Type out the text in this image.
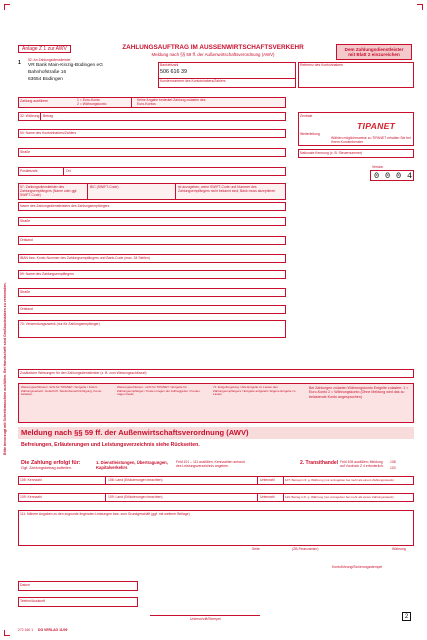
Bitte bevorzugt mit Schreibmaschine ausfüllen. Bei Handschrift sind Großbuchstaben zu verwenden.
Anlage Z 1 zur AWV	ZAHLUNGSAUFTRAG IM AUSSENWIRTSCHAFTSVERKEHR
Meldung nach §§ 59 ff. der Außenwirtschaftsverordnung (AWV)
Dem Zahlungsdienstleister
mit Blatt 2 einzureichen
1 52: An Zahlungsdienstleister
VR Bank Main-Kinzig-Büdingen eG
Bahnhofstraße 16
63654 Büdingen
Bankleitzahl
506 616 39
Kundennummer des Kontoinhabers/Zahlers
Referenz des Kontoinhabers
Zahlung ausführen	1 = Euro-Konto
2 = Währungskonto
Keine Angabe bedeutet Zahlung zulasten des Euro-Kontos
32: Währung Betrag
50: Name des Kontoinhabers/Zahlers
Straße
Postleitzahl	Ort
57: Zahlungsdienstleister des Zahlungsempfängers (Name oder ggf. SWIFT-Code)
BIC (SWIFT-Code)	ist anzugeben, wenn SWIFT-Code und Nummer des Zahlungsempfängers nicht bekannt sind; Bank muss akzeptieren
Name des Zahlungsdienstleisters des Zahlungsempfängers
Straße
Ortsland
IBAN bzw. Konto-Nummer des Zahlungsempfängers und Bank-Code (max. 34 Stellen)
59: Name des Zahlungsempfängers
Straße
Ortsland
70: Verwendungszweck (nur für Zahlungsempfänger)
Zusätzliche Weisungen für den Zahlungsdienstleister (z. B. zum Weisungsschlüssel)
Zentrale
Weiterleitung
TIPANET
Wählen möglicherweise zu TIPANET erhalten Sie bei Ihrem Kundenberater
Nationale Kennung (z. B. Steuernummer)
Version
0 0 0 4
Weisungsschlüssel / nicht für TIPANET / Entgelte / Sofort-Zahlungsverkehr, Gutschrift, Telefonbenachrichtigung, Konto belasten
Weisungsschlüssel - nicht für TIPANET / Entgelte für Zahlungsempfänger / Kosten tragen der Auftraggeber / Kosten tragen beide
71: Entgeltregelung / Alle Entgelte zu Lasten des Zahlungsempfängers / Entgelte aufgeteilt / Eigene Entgelte zu Lasten
Bei Zahlungen zulasten Währungskonto Entgelte zulasten: 1 = Euro-Konto 2 = Währungskonto (Ohne Meldung wird das zu belastende Konto angesprochen)
Meldung nach §§ 59 ff. der Außenwirtschaftsverordnung (AWV)
Befreiungen, Erläuterungen und Leistungsverzeichnis siehe Rückseiten.
Die Zahlung erfolgt für:
Ggf. Zahlungsbetrag aufteilen.
1. Dienstleistungen, Übertragungen, Kapitalverkehrs
Feld 101 – 111 ausfüllen. Kennzahlen anhand des Leistungsverzeichnis angeben.	2. Transithandel Feld 108 ausfüllen; Meldung auf Vordruck Z 4 erforderlich.
108
100
105: Kennzahl	106: Land (Erläuterungen beachten)	Unterzahl	107: Betrag in €, g. Währung (nur anzugeben bei mehr als einem Zahlungszweck)
109: Kennzahl	109: Land (Erläuterungen beachten)	Unterzahl	110: Betrag in €, g. Währung (nur anzugeben bei mehr als einem Zahlungszweck)
111: Nähere Angaben zu den zugrunde liegenden Leistungen bzw. zum Grundgeschäft (ggf. mit weiterer Beilage)
Seite	(ZB-Finanzamtnr)	Währung
Kontoführung/Sicherungsstempel
Datum
Telefon/Auskunft
Unterschrift/Stempel
272 160 1 DG VERLAG 11/09
2
